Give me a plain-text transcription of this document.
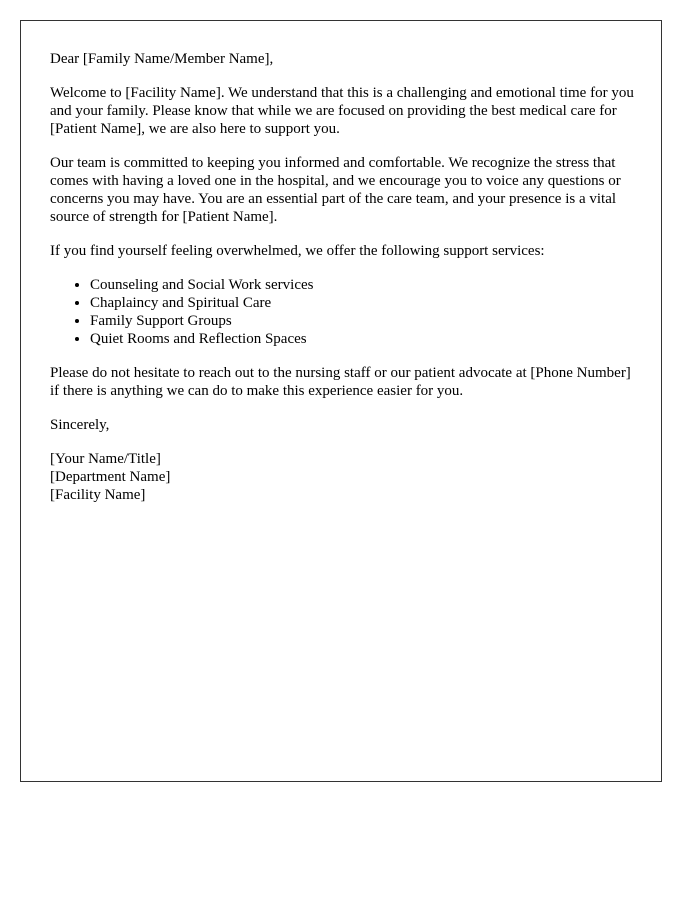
Dear [Family Name/Member Name],

Welcome to [Facility Name]. We understand that this is a challenging and emotional time for you and your family. Please know that while we are focused on providing the best medical care for [Patient Name], we are also here to support you.

Our team is committed to keeping you informed and comfortable. We recognize the stress that comes with having a loved one in the hospital, and we encourage you to voice any questions or concerns you may have. You are an essential part of the care team, and your presence is a vital source of strength for [Patient Name].

If you find yourself feeling overwhelmed, we offer the following support services:

• Counseling and Social Work services
• Chaplaincy and Spiritual Care
• Family Support Groups
• Quiet Rooms and Reflection Spaces

Please do not hesitate to reach out to the nursing staff or our patient advocate at [Phone Number] if there is anything we can do to make this experience easier for you.

Sincerely,

[Your Name/Title]
[Department Name]
[Facility Name]
